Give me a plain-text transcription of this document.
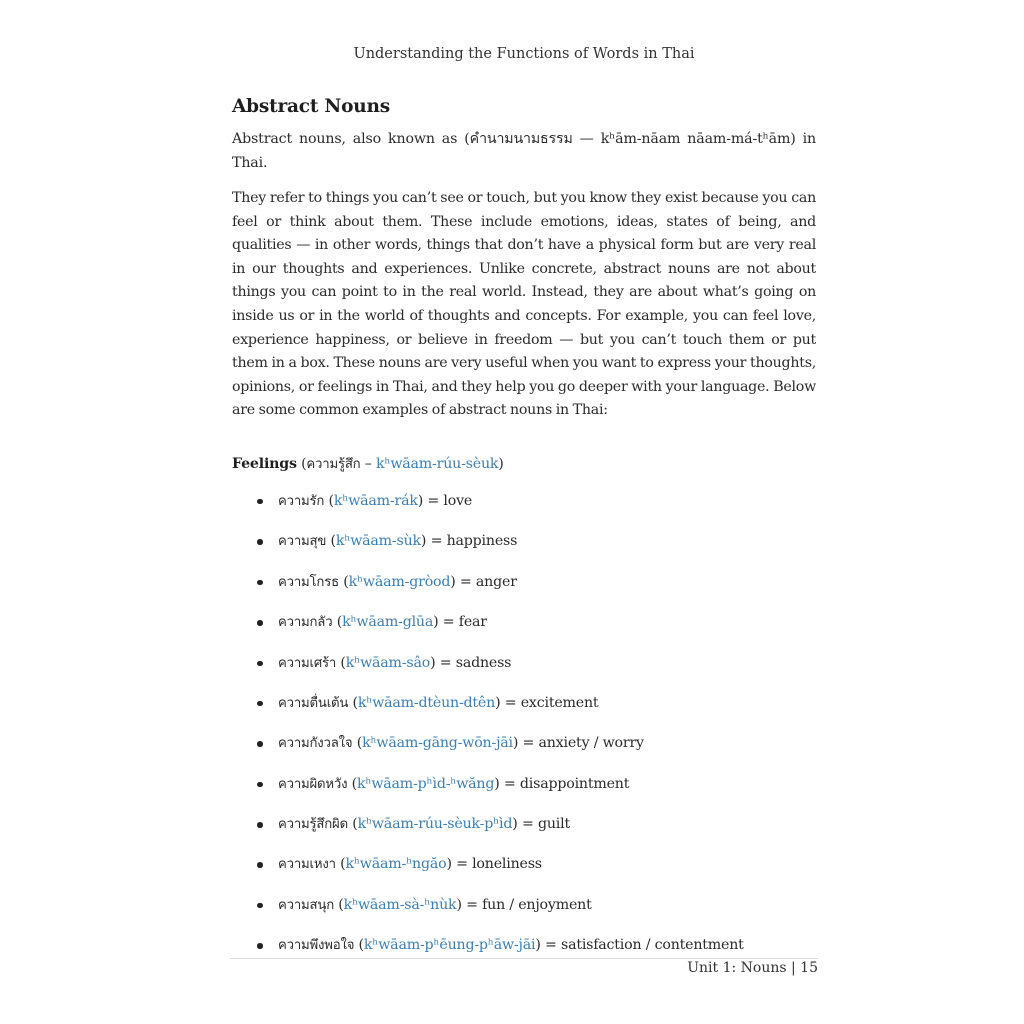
Understanding the Functions of Words in Thai
Abstract Nouns

Abstract nouns, also known as (คำนามนามธรรม — kʰām-nāam nāam-má-tʰām) in Thai.

They refer to things you can’t see or touch, but you know they exist because you can feel or think about them. These include emotions, ideas, states of being, and qualities — in other words, things that don’t have a physical form but are very real in our thoughts and experiences. Unlike concrete, abstract nouns are not about things you can point to in the real world. Instead, they are about what’s going on inside us or in the world of thoughts and concepts. For example, you can feel love, experience happiness, or believe in freedom — but you can’t touch them or put them in a box. These nouns are very useful when you want to express your thoughts, opinions, or feelings in Thai, and they help you go deeper with your language. Below are some common examples of abstract nouns in Thai:

Feelings (ความรู้สึก – kʰwāam-rúu-sèuk)
ความรัก (kʰwāam-rák) = love
ความสุข (kʰwāam-sùk) = happiness
ความโกรธ (kʰwāam-gròod) = anger
ความกลัว (kʰwāam-glūa) = fear
ความเศร้า (kʰwāam-sâo) = sadness
ความตื่นเต้น (kʰwāam-dtèun-dtên) = excitement
ความกังวลใจ (kʰwāam-gāng-wōn-jāi) = anxiety / worry
ความผิดหวัง (kʰwāam-pʰìd-ʰwăng) = disappointment
ความรู้สึกผิด (kʰwāam-rúu-sèuk-pʰìd) = guilt
ความเหงา (kʰwāam-ʰngăo) = loneliness
ความสนุก (kʰwāam-sà-ʰnùk) = fun / enjoyment
ความพึงพอใจ (kʰwāam-pʰēung-pʰāw-jāi) = satisfaction / contentment
Unit 1: Nouns | 15
